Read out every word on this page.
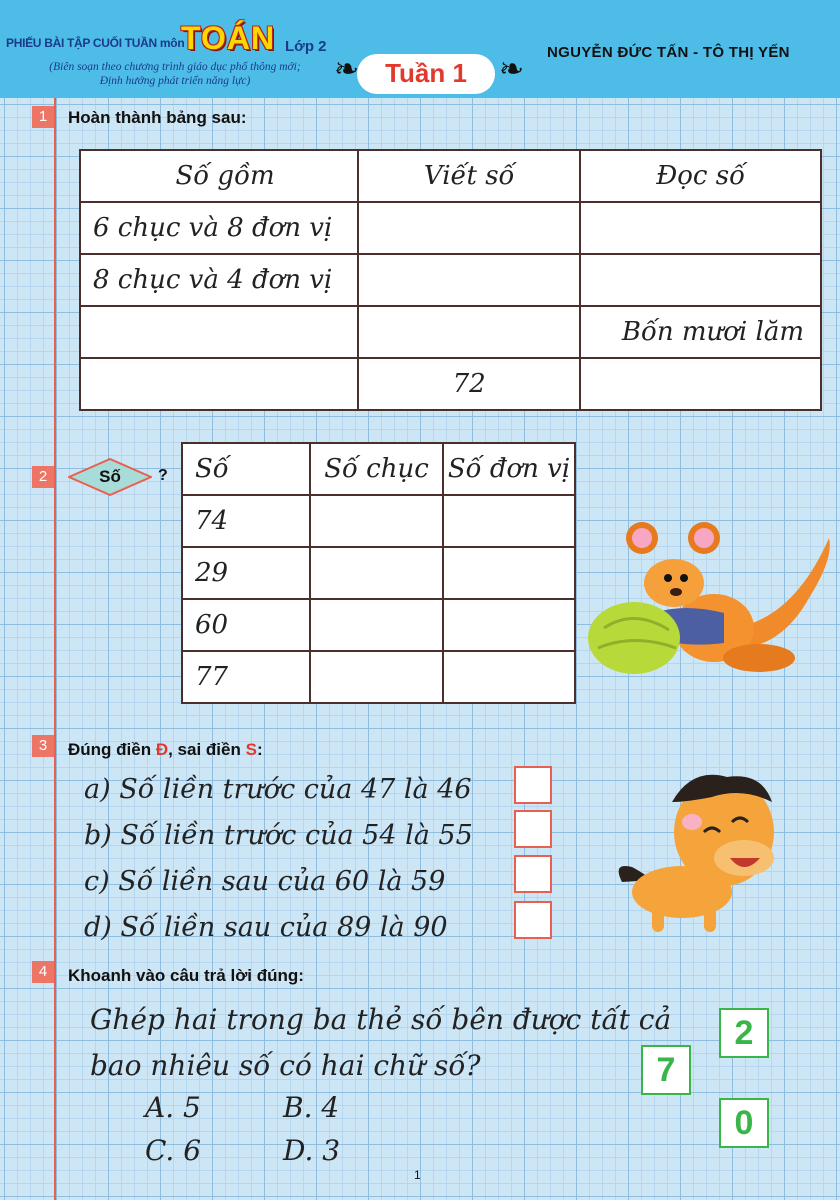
PHIẾU BÀI TẬP CUỐI TUẦN môn
TOÁN Lớp 2
(Biên soạn theo chương trình giáo dục phổ thông mới;
Định hướng phát triển năng lực)	❧	❧
Tuần 1
NGUYỄN ĐỨC TẤN - TÔ THỊ YẾN
1	Hoàn thành bảng sau:
Số gồm	Viết số	Đọc số
6 chục và 8 đơn vị		
8 chục và 4 đơn vị		
		Bốn mươi lăm
	72	
2	Số	? Số	Số chục	Số đơn vị
74		
29		
60		
77		
3	Đúng điền Đ, sai điền S:
a) Số liền trước của 47 là 46
b) Số liền trước của 54 là 55
c) Số liền sau của 60 là 59
d) Số liền sau của 89 là 90
4	Khoanh vào câu trả lời đúng:
Ghép hai trong ba thẻ số bên được tất cả
bao nhiêu số có hai chữ số?
A. 5	B. 4
C. 6	D. 3
2
7
0
1
